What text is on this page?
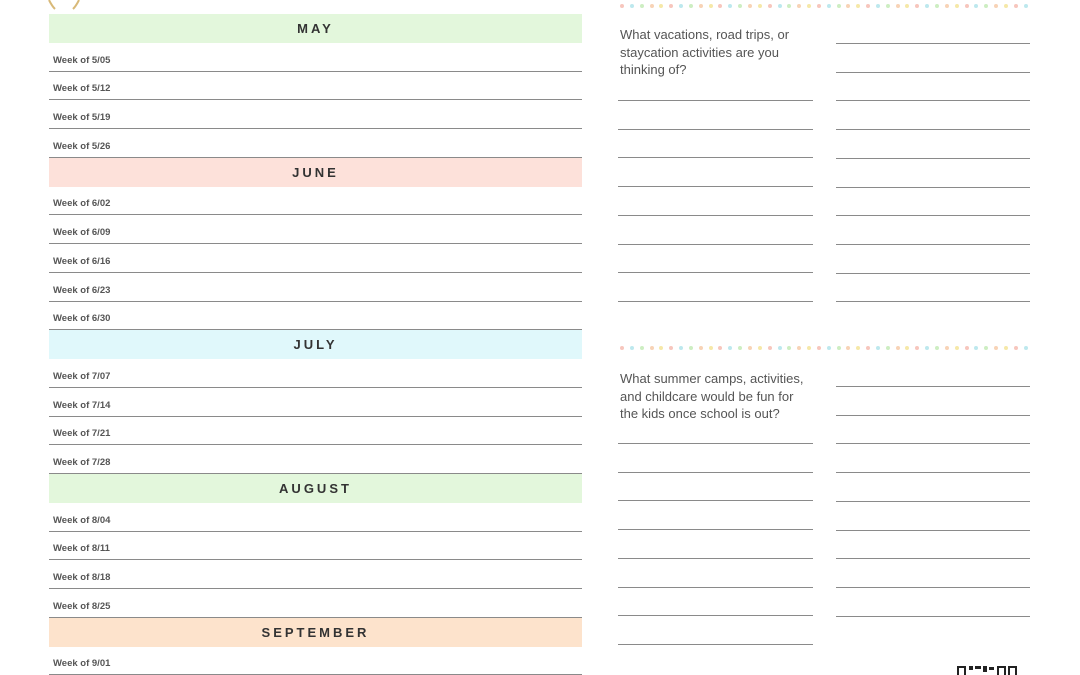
MAY
Week of 5/05
Week of 5/12
Week of 5/19
Week of 5/26
JUNE
Week of 6/02
Week of 6/09
Week of 6/16
Week of 6/23
Week of 6/30
JULY
Week of 7/07
Week of 7/14
Week of 7/21
Week of 7/28
AUGUST
Week of 8/04
Week of 8/11
Week of 8/18
Week of 8/25
SEPTEMBER
Week of 9/01
What vacations, road trips, or staycation activities are you thinking of?
What summer camps, activities, and childcare would be fun for the kids once school is out?
